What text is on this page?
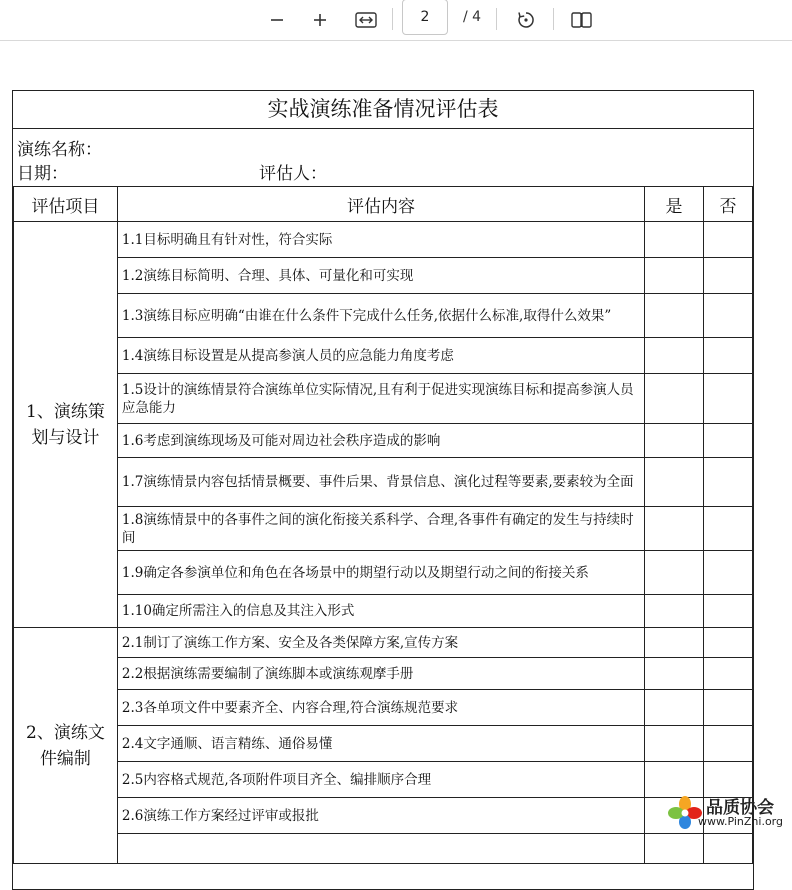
2
/ 4
实战演练准备情况评估表
演练名称：
日期：	评估人：
评估项目	评估内容	是	否
1、演练策
划与设计	1.1目标明确且有针对性，符合实际		
	1.2演练目标简明、合理、具体、可量化和可实现		
	1.3演练目标应明确“由谁在什么条件下完成什么任务,依据什么标准,取得什么效果”		
	1.4演练目标设置是从提高参演人员的应急能力角度考虑		
	1.5设计的演练情景符合演练单位实际情况,且有利于促进实现演练目标和提高参演人员应急能力		
	1.6考虑到演练现场及可能对周边社会秩序造成的影响		
	1.7演练情景内容包括情景概要、事件后果、背景信息、演化过程等要素,要素较为全面		
	1.8演练情景中的各事件之间的演化衔接关系科学、合理,各事件有确定的发生与持续时间		
	1.9确定各参演单位和角色在各场景中的期望行动以及期望行动之间的衔接关系		
	1.10确定所需注入的信息及其注入形式		
2、演练文
件编制	2.1制订了演练工作方案、安全及各类保障方案,宣传方案		
	2.2根据演练需要编制了演练脚本或演练观摩手册		
	2.3各单项文件中要素齐全、内容合理,符合演练规范要求		
	2.4文字通顺、语言精练、通俗易懂		
	2.5内容格式规范,各项附件项目齐全、编排顺序合理		
	2.6演练工作方案经过评审或报批		
			品质协会
www.PinZhi.org
